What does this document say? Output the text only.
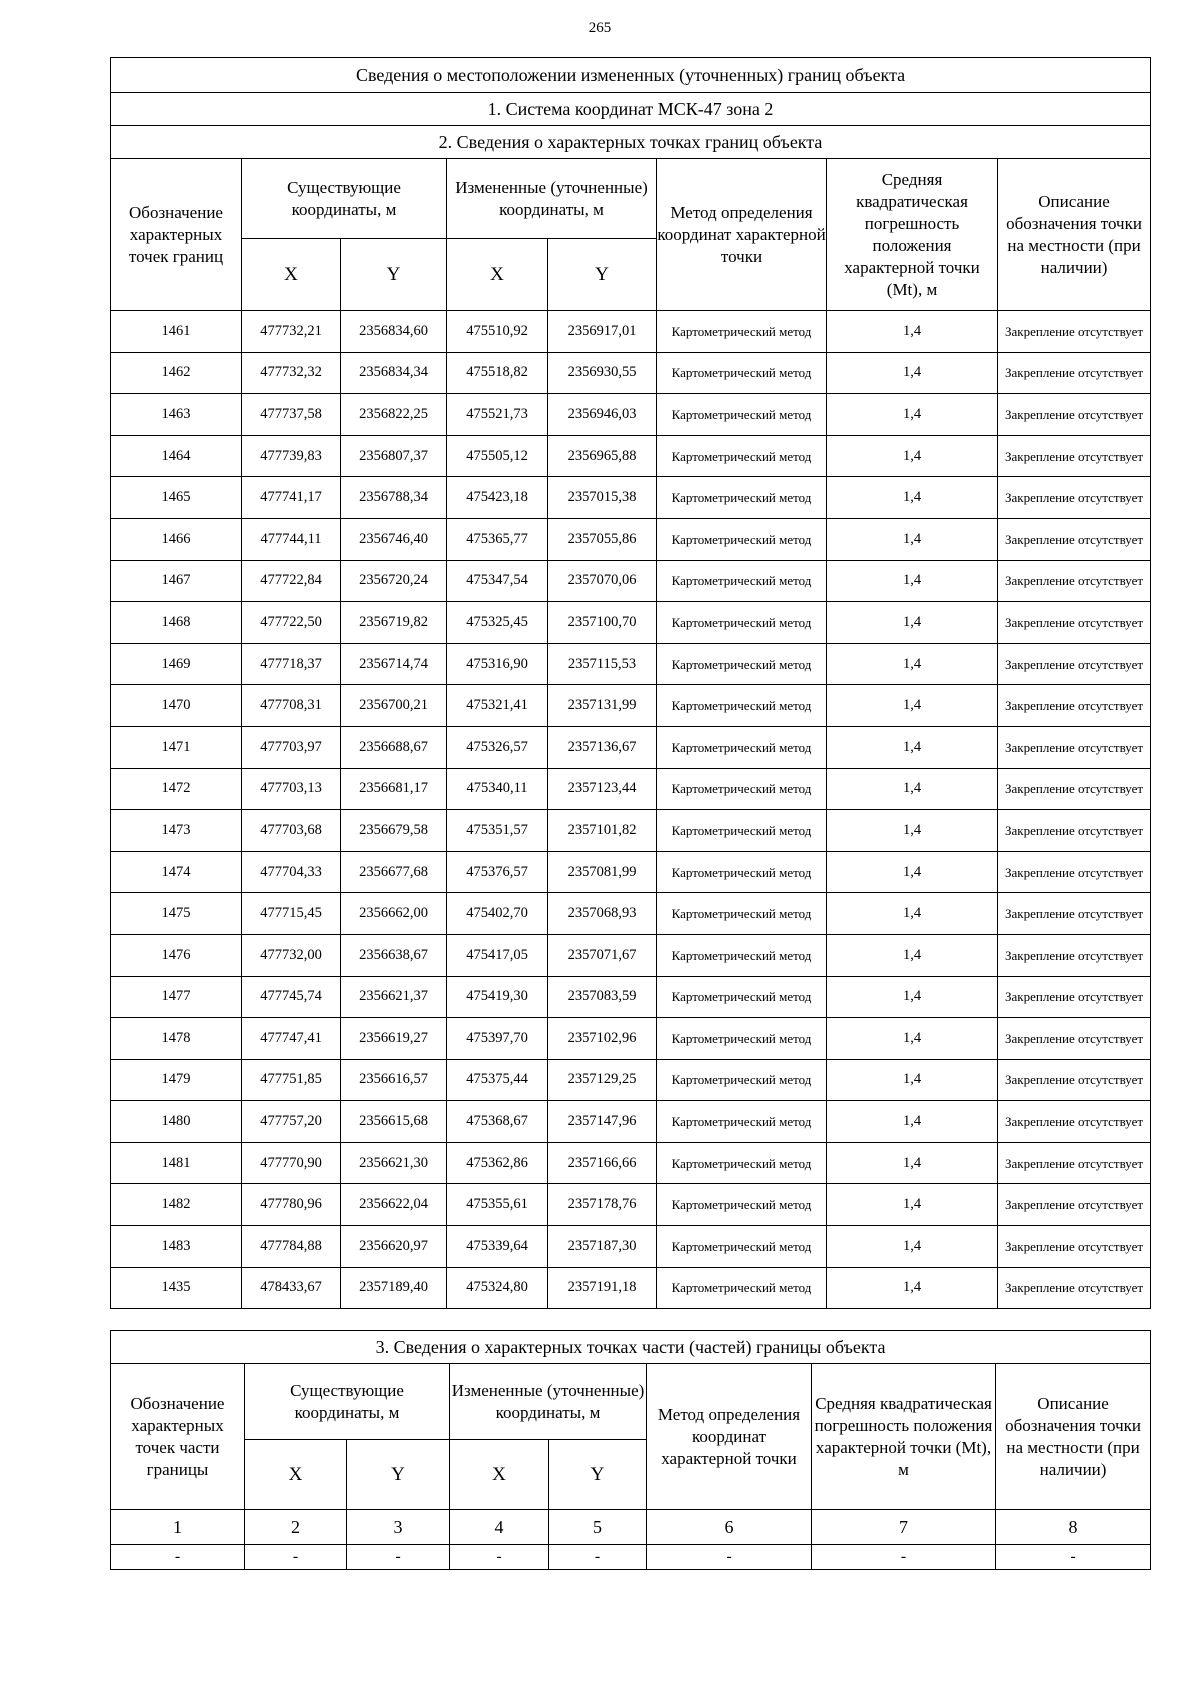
265
Сведения о местоположении измененных (уточненных) границ объекта							
1. Система координат МСК-47 зона 2							
2. Сведения о характерных точках границ объекта							
Обозначение характерных точек границ	Существующие координаты, м		Измененные (уточненные) координаты, м		Метод определения координат характерной точки	Средняя квадратическая погрешность положения характерной точки (Mt), м	Описание обозначения точки на местности (при наличии)
	X	Y	X	Y			
1461	477732,21	2356834,60	475510,92	2356917,01	Картометрический метод	1,4	Закрепление отсутствует
1462	477732,32	2356834,34	475518,82	2356930,55	Картометрический метод	1,4	Закрепление отсутствует
1463	477737,58	2356822,25	475521,73	2356946,03	Картометрический метод	1,4	Закрепление отсутствует
1464	477739,83	2356807,37	475505,12	2356965,88	Картометрический метод	1,4	Закрепление отсутствует
1465	477741,17	2356788,34	475423,18	2357015,38	Картометрический метод	1,4	Закрепление отсутствует
1466	477744,11	2356746,40	475365,77	2357055,86	Картометрический метод	1,4	Закрепление отсутствует
1467	477722,84	2356720,24	475347,54	2357070,06	Картометрический метод	1,4	Закрепление отсутствует
1468	477722,50	2356719,82	475325,45	2357100,70	Картометрический метод	1,4	Закрепление отсутствует
1469	477718,37	2356714,74	475316,90	2357115,53	Картометрический метод	1,4	Закрепление отсутствует
1470	477708,31	2356700,21	475321,41	2357131,99	Картометрический метод	1,4	Закрепление отсутствует
1471	477703,97	2356688,67	475326,57	2357136,67	Картометрический метод	1,4	Закрепление отсутствует
1472	477703,13	2356681,17	475340,11	2357123,44	Картометрический метод	1,4	Закрепление отсутствует
1473	477703,68	2356679,58	475351,57	2357101,82	Картометрический метод	1,4	Закрепление отсутствует
1474	477704,33	2356677,68	475376,57	2357081,99	Картометрический метод	1,4	Закрепление отсутствует
1475	477715,45	2356662,00	475402,70	2357068,93	Картометрический метод	1,4	Закрепление отсутствует
1476	477732,00	2356638,67	475417,05	2357071,67	Картометрический метод	1,4	Закрепление отсутствует
1477	477745,74	2356621,37	475419,30	2357083,59	Картометрический метод	1,4	Закрепление отсутствует
1478	477747,41	2356619,27	475397,70	2357102,96	Картометрический метод	1,4	Закрепление отсутствует
1479	477751,85	2356616,57	475375,44	2357129,25	Картометрический метод	1,4	Закрепление отсутствует
1480	477757,20	2356615,68	475368,67	2357147,96	Картометрический метод	1,4	Закрепление отсутствует
1481	477770,90	2356621,30	475362,86	2357166,66	Картометрический метод	1,4	Закрепление отсутствует
1482	477780,96	2356622,04	475355,61	2357178,76	Картометрический метод	1,4	Закрепление отсутствует
1483	477784,88	2356620,97	475339,64	2357187,30	Картометрический метод	1,4	Закрепление отсутствует
1435	478433,67	2357189,40	475324,80	2357191,18	Картометрический метод	1,4	Закрепление отсутствует
3. Сведения о характерных точках части (частей) границы объекта							
Обозначение характерных точек части границы	Существующие координаты, м		Измененные (уточненные) координаты, м		Метод определения координат характерной точки	Средняя квадратическая погрешность положения характерной точки (Mt), м	Описание обозначения точки на местности (при наличии)
	X	Y	X	Y			
1	2	3	4	5	6	7	8
-	-	-	-	-	-	-	-
